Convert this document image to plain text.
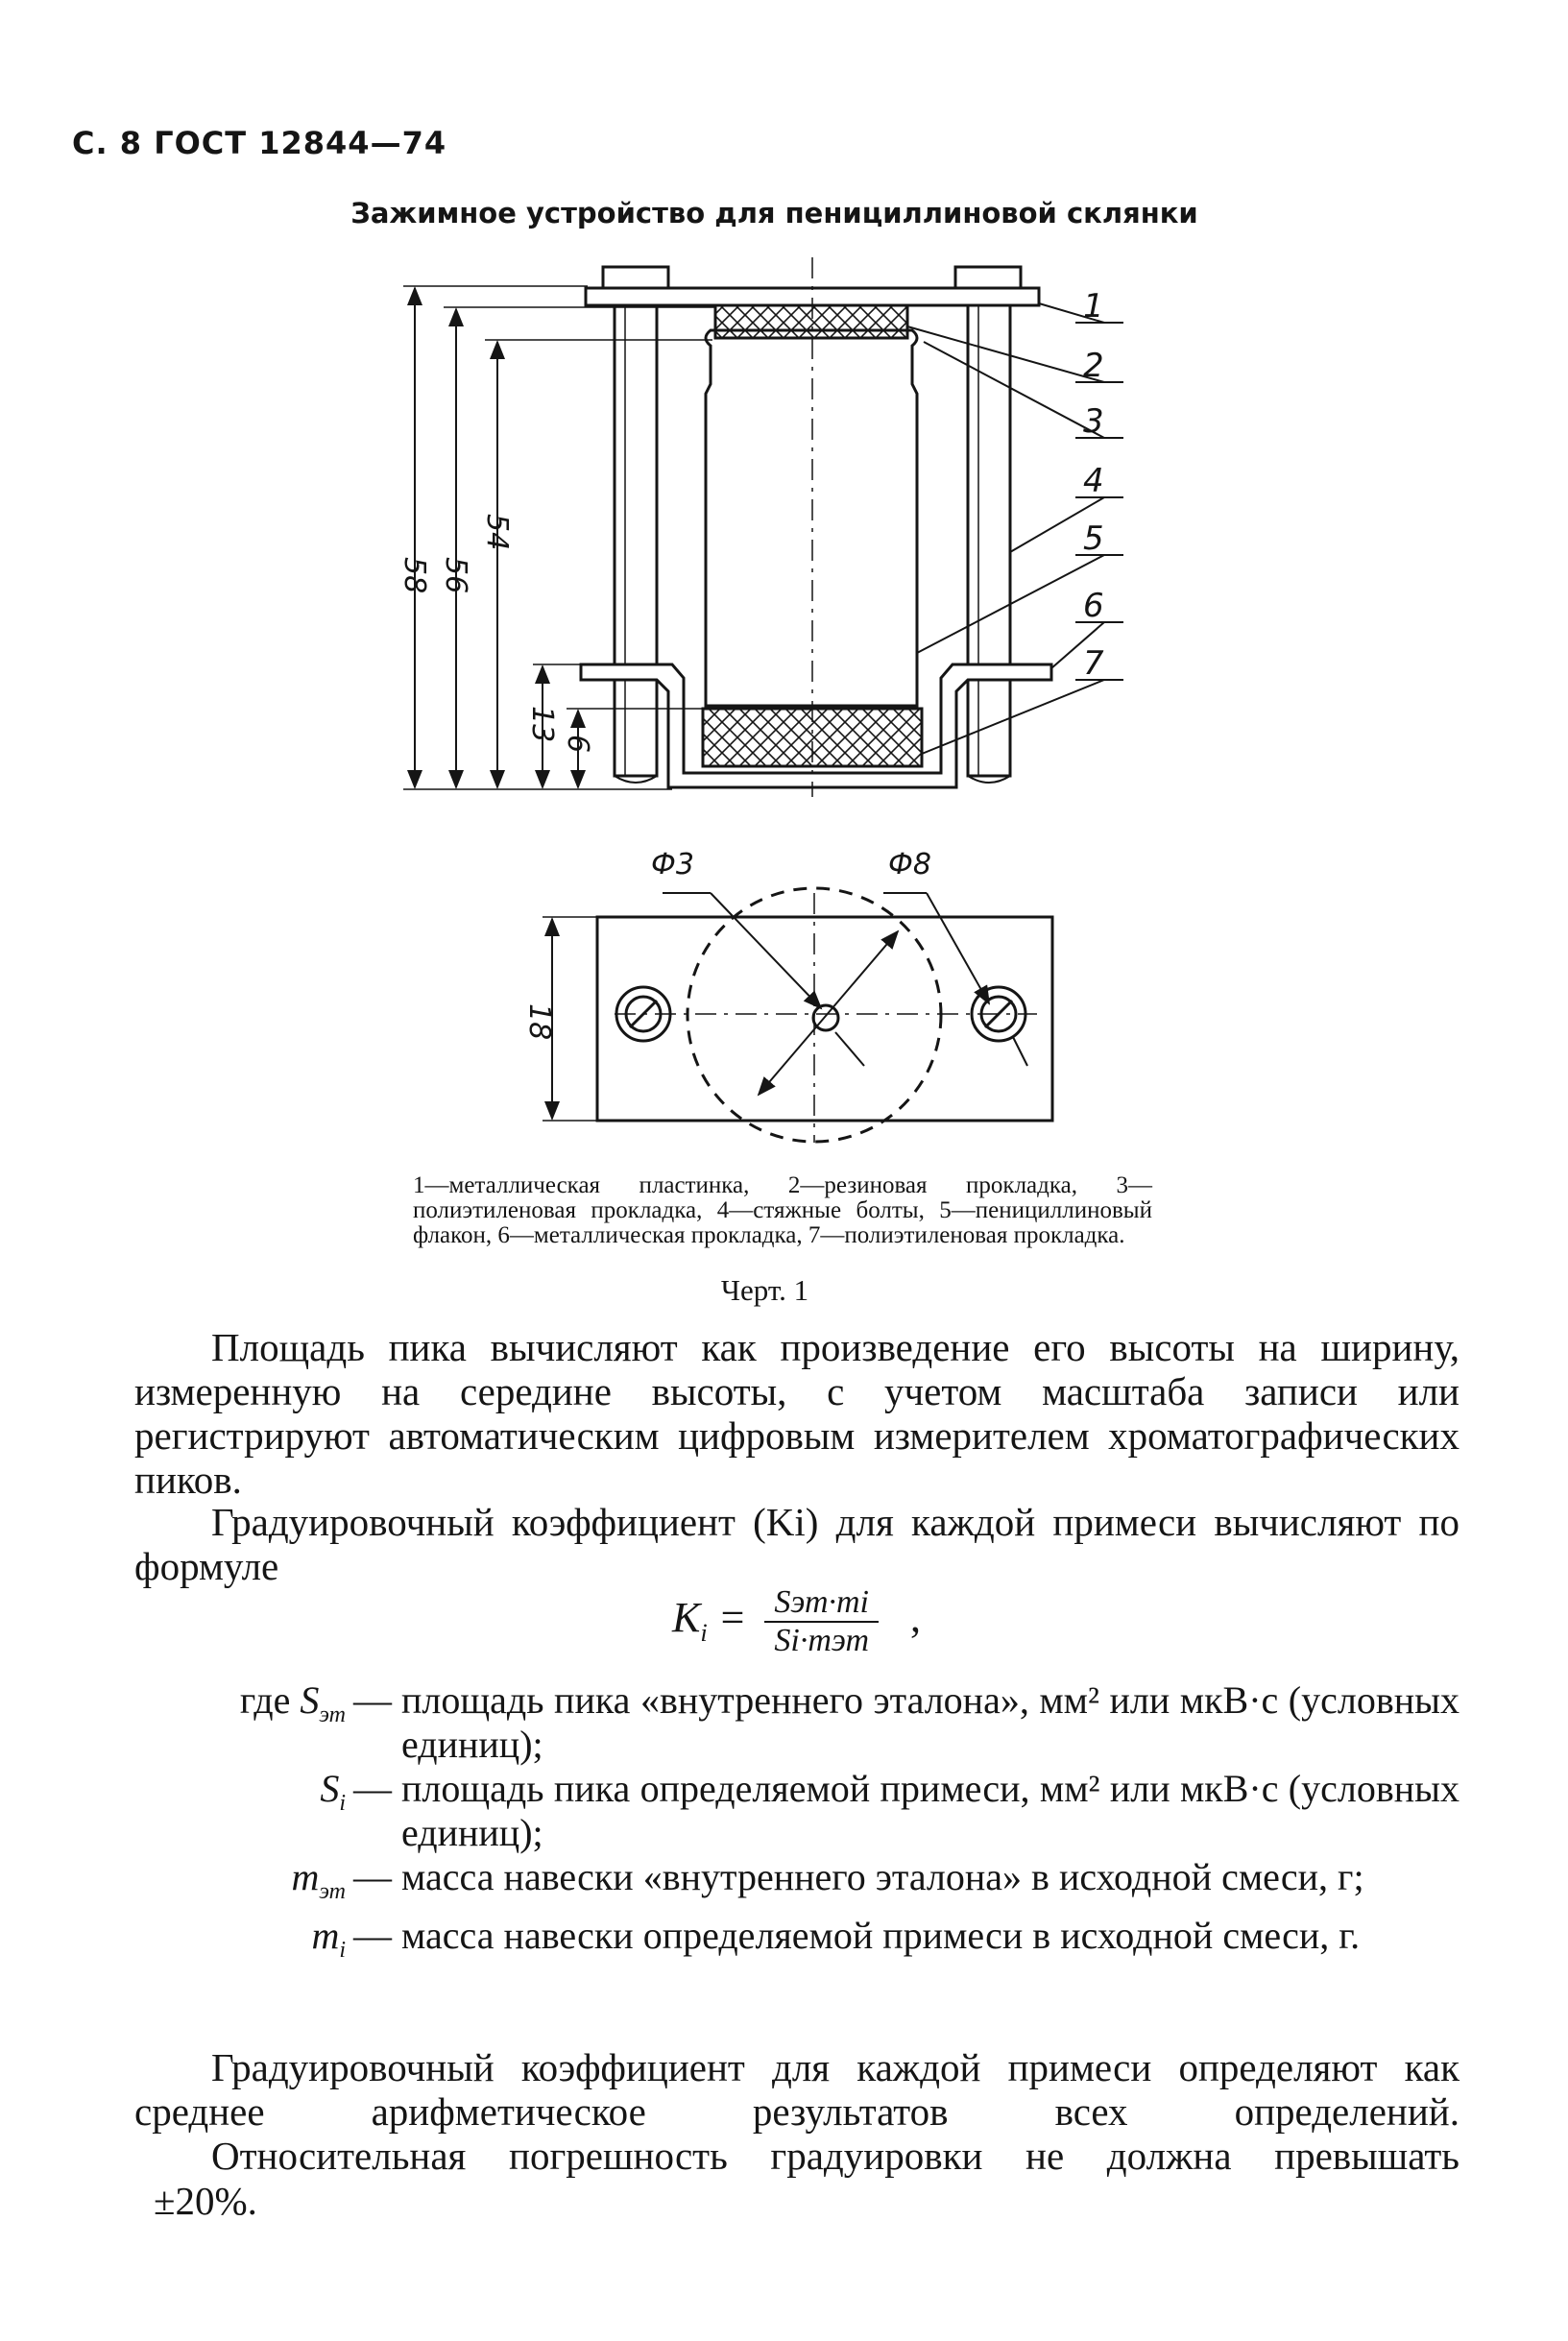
С. 8 ГОСТ 12844—74
Зажимное устройство для пенициллиновой склянки
1
2
3
4
5
6
7
58 56
54
13
6
Ф3	Ф8
18
1—металлическая пластинка, 2—резиновая прокладка, 3—полиэтиленовая прокладка, 4—стяжные болты, 5—пенициллиновый флакон, 6—металлическая прокладка, 7—полиэтиленовая прокладка.
Черт. 1
Площадь пика вычисляют как произведение его высоты на ширину, измеренную на середине высоты, с учетом масштаба записи или регистрируют автоматическим цифровым измерителем хроматографических пиков.
Градуировочный коэффициент (Ki) для каждой примеси вычисляют по формуле
$K_i = \frac{\text{Sэт·mi}}{\text{Si·mэт}}$ ,
где $S_{эт}$ — площадь пика «внутреннего эталона», мм² или мкВ·с (условных единиц);
$S_i$ — площадь пика определяемой примеси, мм² или мкВ·с (условных единиц);
$m_{эт}$ — масса навески «внутреннего эталона» в исходной смеси, г;
$m_i$ — масса навески определяемой примеси в исходной смеси, г.
Градуировочный коэффициент для каждой примеси определяют как среднее арифметическое результатов всех определений.
Относительная погрешность градуировки не должна превышать
±20%.
